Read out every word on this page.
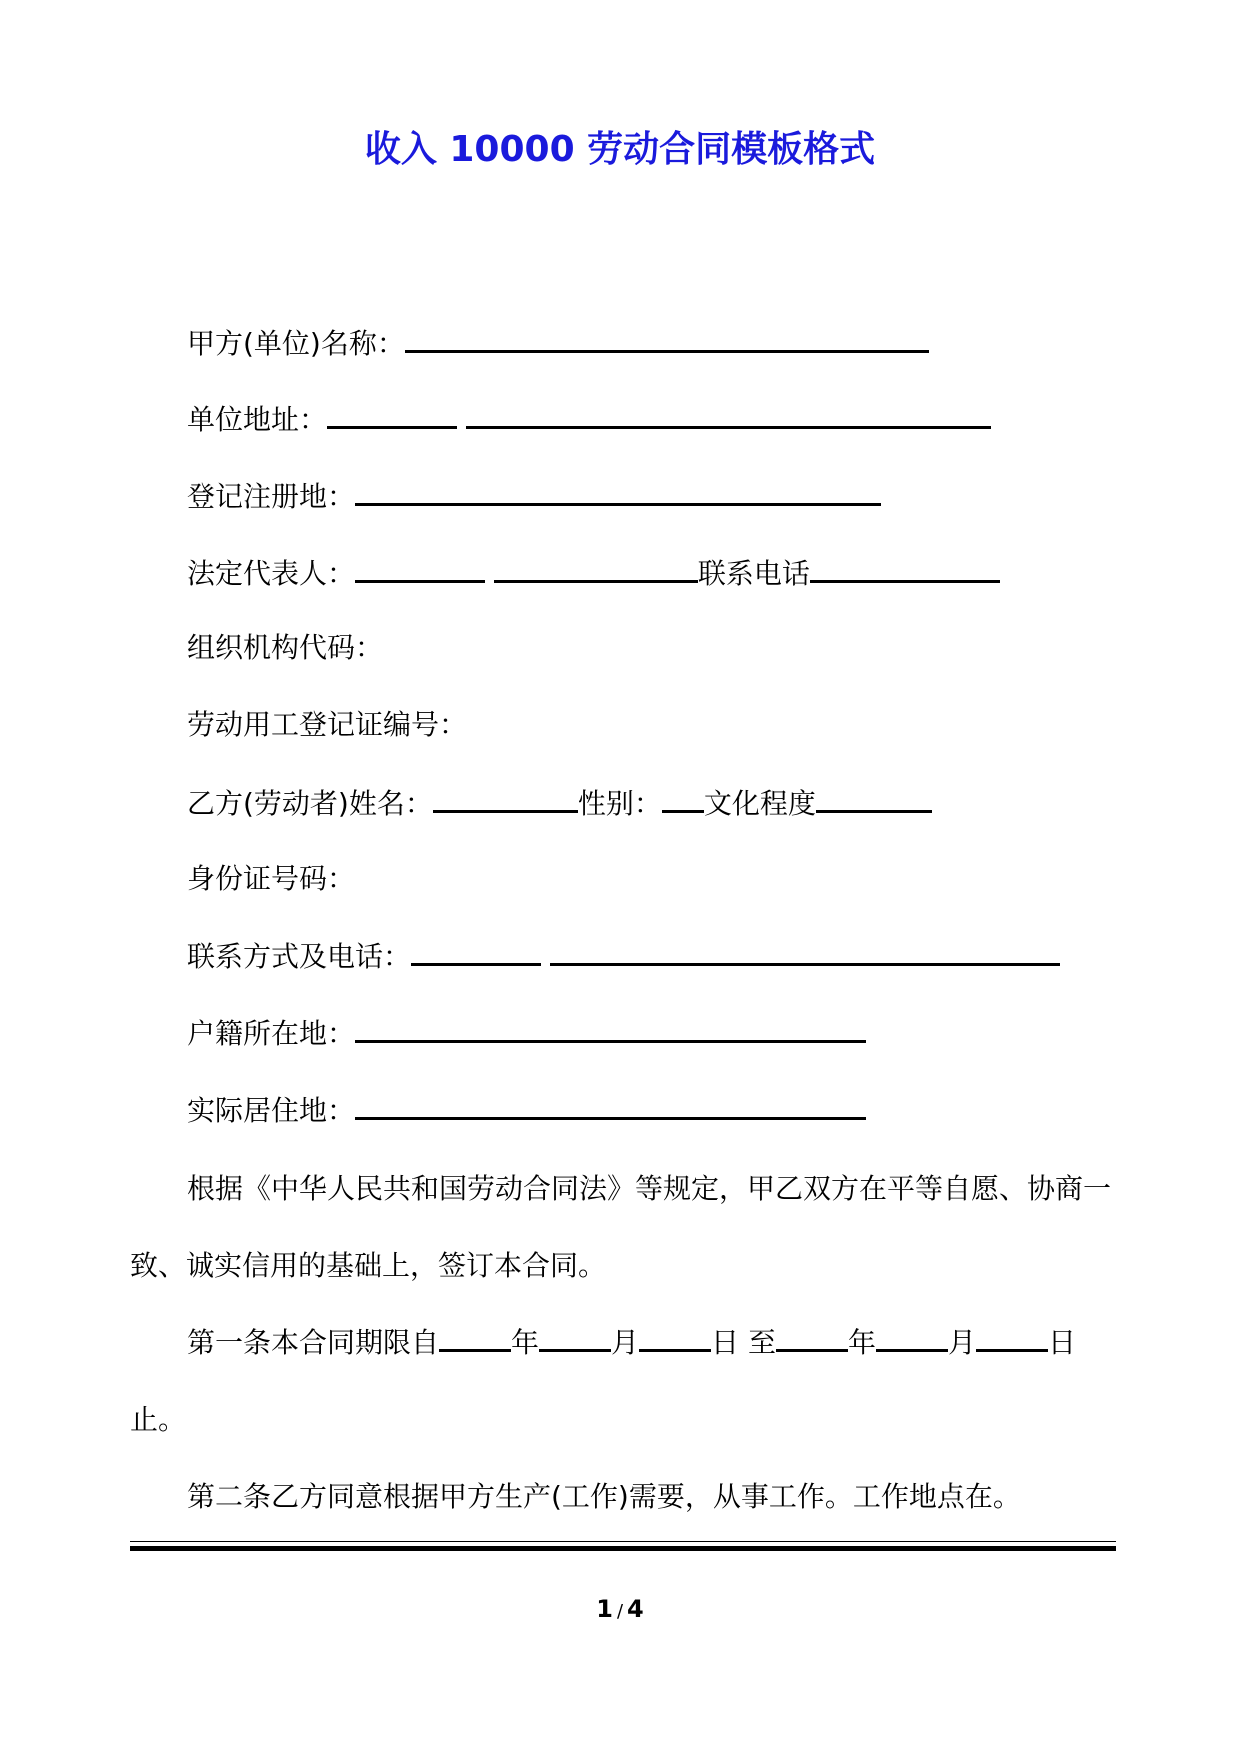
收入 10000 劳动合同模板格式
甲方(单位)名称：
单位地址：
登记注册地：
法定代表人：	联系电话
组织机构代码：
劳动用工登记证编号：
乙方(劳动者)姓名：	性别： 文化程度
身份证号码：
联系方式及电话：
户籍所在地：
实际居住地：
根据《中华人民共和国劳动合同法》等规定，甲乙双方在平等自愿、协商一致、诚实信用的基础上，签订本合同。
第一条本合同期限自	年	月	日 至	年	月	日止。
第二条乙方同意根据甲方生产(工作)需要，从事工作。工作地点在。
1 / 4
